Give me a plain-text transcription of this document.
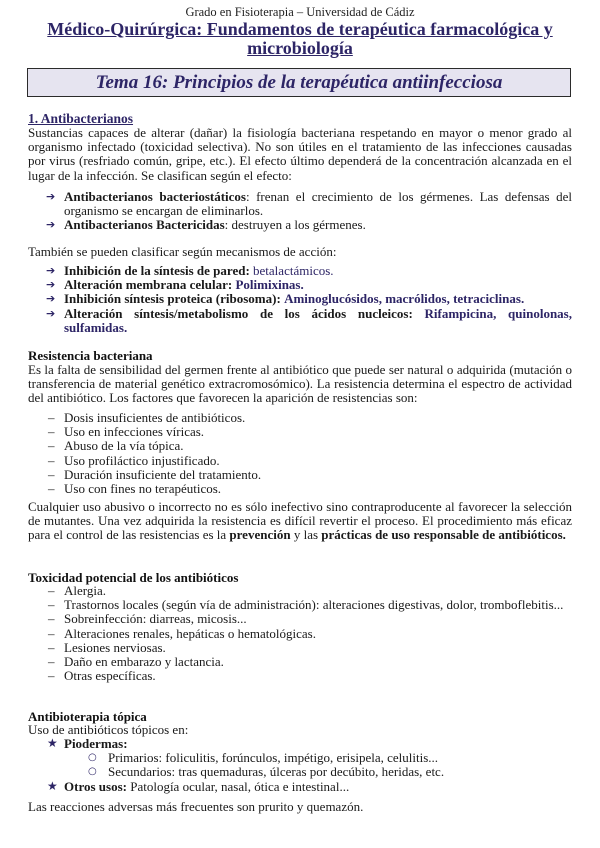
Grado en Fisioterapia – Universidad de Cádiz
Médico-Quirúrgica: Fundamentos de terapéutica farmacológica y microbiología
Tema 16: Principios de la terapéutica antiinfecciosa
1. Antibacterianos
Sustancias capaces de alterar (dañar) la fisiología bacteriana respetando en mayor o menor grado al organismo infectado (toxicidad selectiva). No son útiles en el tratamiento de las infecciones causadas por virus (resfriado común, gripe, etc.). El efecto último dependerá de la concentración alcanzada en el lugar de la infección. Se clasifican según el efecto:
➔ Antibacterianos bacteriostáticos: frenan el crecimiento de los gérmenes. Las defensas del organismo se encargan de eliminarlos.
➔ Antibacterianos Bactericidas: destruyen a los gérmenes.
También se pueden clasificar según mecanismos de acción:
➔ Inhibición de la síntesis de pared: betalactámicos.
➔ Alteración membrana celular: Polimixinas.
➔ Inhibición síntesis proteica (ribosoma): Aminoglucósidos, macrólidos, tetraciclinas.
➔ Alteración síntesis/metabolismo de los ácidos nucleicos: Rifampicina, quinolonas, sulfamidas.
Resistencia bacteriana
Es la falta de sensibilidad del germen frente al antibiótico que puede ser natural o adquirida (mutación o transferencia de material genético extracromosómico). La resistencia determina el espectro de actividad del antibiótico. Los factores que favorecen la aparición de resistencias son:
– Dosis insuficientes de antibióticos.
– Uso en infecciones víricas.
– Abuso de la vía tópica.
– Uso profiláctico injustificado.
– Duración insuficiente del tratamiento.
– Uso con fines no terapéuticos.
Cualquier uso abusivo o incorrecto no es sólo inefectivo sino contraproducente al favorecer la selección de mutantes. Una vez adquirida la resistencia es difícil revertir el proceso. El procedimiento más eficaz para el control de las resistencias es la prevención y las prácticas de uso responsable de antibióticos.
Toxicidad potencial de los antibióticos
– Alergia.
– Trastornos locales (según vía de administración): alteraciones digestivas, dolor, tromboflebitis...
– Sobreinfección: diarreas, micosis...
– Alteraciones renales, hepáticas o hematológicas.
– Lesiones nerviosas.
– Daño en embarazo y lactancia.
– Otras específicas.
Antibioterapia tópica
Uso de antibióticos tópicos en:
★ Piodermas:
○ Primarios: foliculitis, forúnculos, impétigo, erisipela, celulitis...
○ Secundarios: tras quemaduras, úlceras por decúbito, heridas, etc.
★ Otros usos: Patología ocular, nasal, ótica e intestinal...
Las reacciones adversas más frecuentes son prurito y quemazón.
